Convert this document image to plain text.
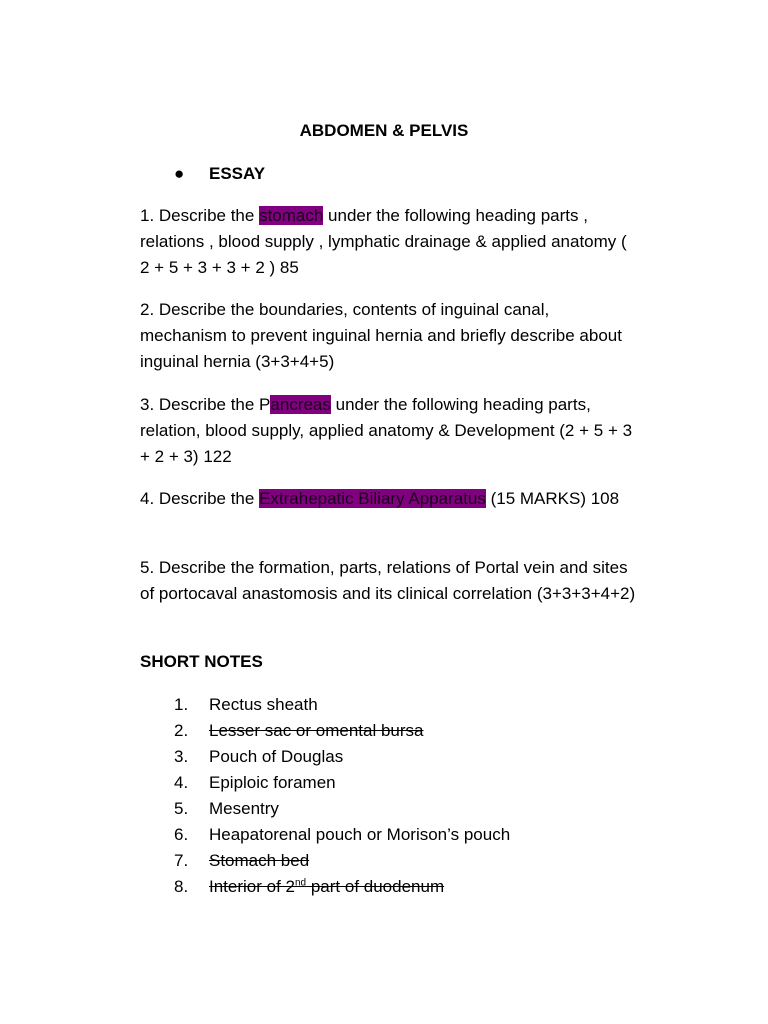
ABDOMEN & PELVIS
● ESSAY
1. Describe the stomach under the following heading parts , relations , blood supply , lymphatic drainage & applied anatomy ( 2 + 5 + 3 + 3 + 2 ) 85
2. Describe the boundaries, contents of inguinal canal, mechanism to prevent inguinal hernia and briefly describe about inguinal hernia (3+3+4+5)
3. Describe the Pancreas under the following heading parts, relation, blood supply, applied anatomy & Development (2 + 5 + 3 + 2 + 3) 122
4. Describe the Extrahepatic Biliary Apparatus (15 MARKS) 108
5. Describe the formation, parts, relations of Portal vein and sites of portocaval anastomosis and its clinical correlation (3+3+3+4+2)
SHORT NOTES
1. Rectus sheath
2. Lesser sac or omental bursa
3. Pouch of Douglas
4. Epiploic foramen
5. Mesentry
6. Heapatorenal pouch or Morison’s pouch
7. Stomach bed
8. Interior of 2nd part of duodenum
